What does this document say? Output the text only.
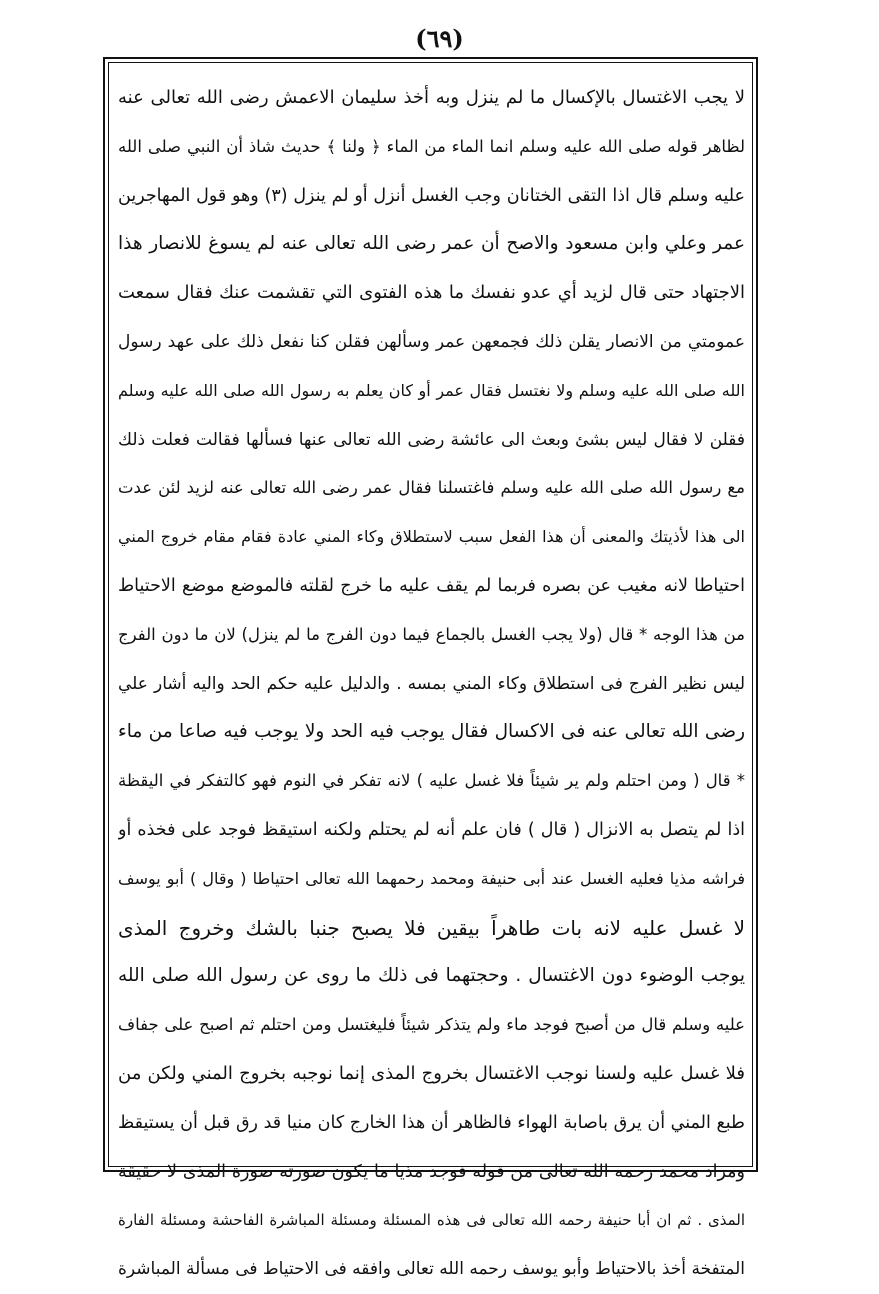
(٦٩)
لا يجب الاغتسال بالإكسال ما لم ينزل وبه أخذ سليمان الاعمش رضى الله تعالى عنه
لظاهر قوله صلى الله عليه وسلم انما الماء من الماء ﴿ ولنا ﴾ حديث شاذ أن النبي صلى الله
عليه وسلم قال اذا التقى الختانان وجب الغسل أنزل أو لم ينزل (٣) وهو قول المهاجرين
عمر وعلي وابن مسعود والاصح أن عمر رضى الله تعالى عنه لم يسوغ للانصار هذا
الاجتهاد حتى قال لزيد أي عدو نفسك ما هذه الفتوى التي تقشمت عنك فقال سمعت
عمومتي من الانصار يقلن ذلك فجمعهن عمر وسألهن فقلن كنا نفعل ذلك على عهد رسول
الله صلى الله عليه وسلم ولا نغتسل فقال عمر أو كان يعلم به رسول الله صلى الله عليه وسلم
فقلن لا فقال ليس بشئ وبعث الى عائشة رضى الله تعالى عنها فسألها فقالت فعلت ذلك
مع رسول الله صلى الله عليه وسلم فاغتسلنا فقال عمر رضى الله تعالى عنه لزيد لئن عدت
الى هذا لأذيتك والمعنى أن هذا الفعل سبب لاستطلاق وكاء المني عادة فقام مقام خروج المني
احتياطا لانه مغيب عن بصره فربما لم يقف عليه ما خرج لقلته فالموضع موضع الاحتياط
من هذا الوجه * قال (ولا يجب الغسل بالجماع فيما دون الفرج ما لم ينزل) لان ما دون الفرج
ليس نظير الفرج فى استطلاق وكاء المني بمسه . والدليل عليه حكم الحد واليه أشار علي
رضى الله تعالى عنه فى الاكسال فقال يوجب فيه الحد ولا يوجب فيه صاعا من ماء
* قال ( ومن احتلم ولم ير شيئاً فلا غسل عليه ) لانه تفكر في النوم فهو كالتفكر في اليقظة
اذا لم يتصل به الانزال ( قال ) فان علم أنه لم يحتلم ولكنه استيقظ فوجد على فخذه أو
فراشه مذيا فعليه الغسل عند أبى حنيفة ومحمد رحمهما الله تعالى احتياطا ( وقال ) أبو يوسف
لا غسل عليه لانه بات طاهراً بيقين فلا يصبح جنبا بالشك وخروج المذى
يوجب الوضوء دون الاغتسال . وحجتهما فى ذلك ما روى عن رسول الله صلى الله
عليه وسلم قال من أصبح فوجد ماء ولم يتذكر شيئاً فليغتسل ومن احتلم ثم اصبح على جفاف
فلا غسل عليه ولسنا نوجب الاغتسال بخروج المذى إنما نوجبه بخروج المني ولكن من
طبع المني أن يرق باصابة الهواء فالظاهر أن هذا الخارج كان منيا قد رق قبل أن يستيقظ
ومراد محمد رحمه الله تعالى من قوله فوجد مذيا ما يكون صورته صورة المذى لا حقيقة
المذى . ثم ان أبا حنيفة رحمه الله تعالى فى هذه المسئلة ومسئلة المباشرة الفاحشة ومسئلة الفارة
المتفخة أخذ بالاحتياط وأبو يوسف رحمه الله تعالى وافقه فى الاحتياط فى مسألة المباشرة
